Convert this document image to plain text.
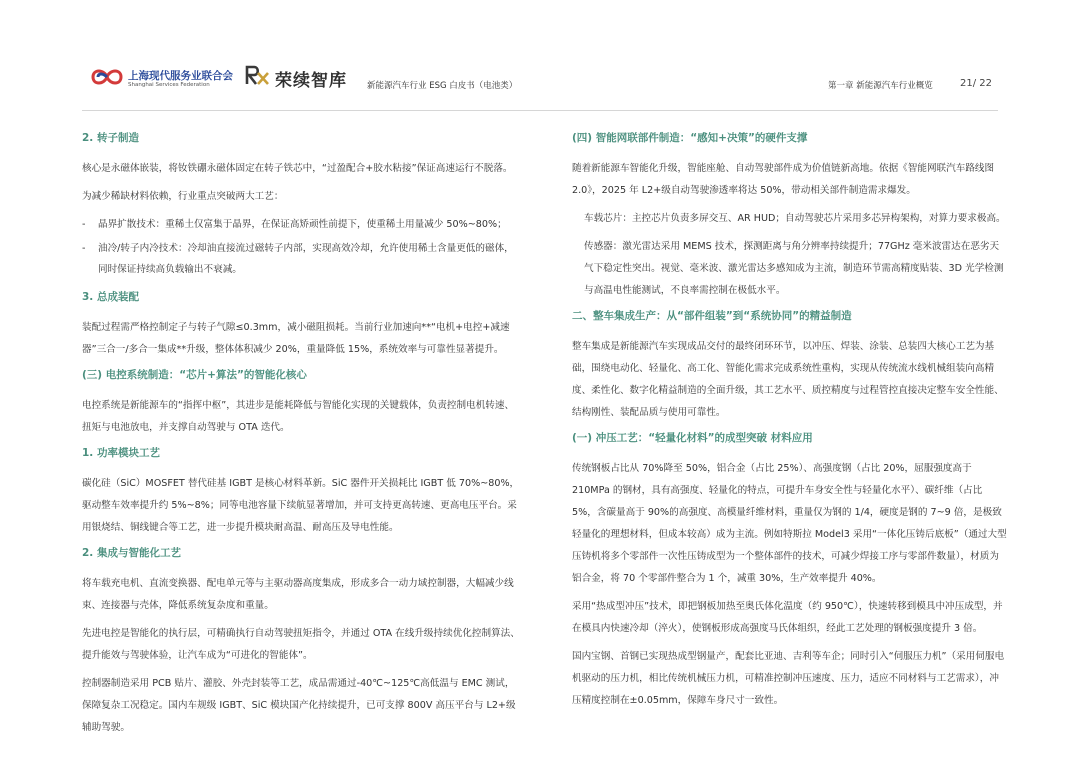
上海现代服务业联合会
Shanghai Services Federation	荣续智库 新能源汽车行业 ESG 白皮书（电池类）	第一章 新能源汽车行业概览	21/ 22
2. 转子制造
核心是永磁体嵌装，将钕铁硼永磁体固定在转子铁芯中，“过盈配合+胶水粘接”保证高速运行不脱落。
为减少稀缺材料依赖，行业重点突破两大工艺：
- 晶界扩散技术：重稀土仅富集于晶界，在保证高矫顽性前提下，使重稀土用量减少 50%~80%；
- 油冷/转子内冷技术：冷却油直接流过磁转子内部，实现高效冷却，允许使用稀土含量更低的磁体，同时保证持续高负载输出不衰减。
3. 总成装配
装配过程需严格控制定子与转子气隙≤0.3mm，减小磁阻损耗。当前行业加速向**“电机+电控+减速器”三合一/多合一集成**升级，整体体积减少 20%，重量降低 15%，系统效率与可靠性显著提升。
(三) 电控系统制造：“芯片+算法”的智能化核心
电控系统是新能源车的“指挥中枢”，其进步是能耗降低与智能化实现的关键载体，负责控制电机转速、扭矩与电池放电，并支撑自动驾驶与 OTA 迭代。
1. 功率模块工艺
碳化硅（SiC）MOSFET 替代硅基 IGBT 是核心材料革新。SiC 器件开关损耗比 IGBT 低 70%~80%，驱动整车效率提升约 5%~8%；同等电池容量下续航显著增加，并可支持更高转速、更高电压平台。采用银烧结、铜线键合等工艺，进一步提升模块耐高温、耐高压及导电性能。
2. 集成与智能化工艺
将车载充电机、直流变换器、配电单元等与主驱动器高度集成，形成多合一动力域控制器，大幅减少线束、连接器与壳体，降低系统复杂度和重量。
先进电控是智能化的执行层，可精确执行自动驾驶扭矩指令，并通过 OTA 在线升级持续优化控制算法、提升能效与驾驶体验，让汽车成为“可进化的智能体”。
控制器制造采用 PCB 贴片、灌胶、外壳封装等工艺，成品需通过-40℃~125℃高低温与 EMC 测试，保障复杂工况稳定。国内车规级 IGBT、SiC 模块国产化持续提升，已可支撑 800V 高压平台与 L2+级辅助驾驶。
(四) 智能网联部件制造：“感知+决策”的硬件支撑
随着新能源车智能化升级，智能座舱、自动驾驶部件成为价值链新高地。依据《智能网联汽车路线图 2.0》，2025 年 L2+级自动驾驶渗透率将达 50%，带动相关部件制造需求爆发。
车载芯片：主控芯片负责多屏交互、AR HUD；自动驾驶芯片采用多芯异构架构，对算力要求极高。
传感器：激光雷达采用 MEMS 技术，探测距离与角分辨率持续提升；77GHz 毫米波雷达在恶劣天气下稳定性突出。视觉、毫米波、激光雷达多感知成为主流，制造环节需高精度贴装、3D 光学检测与高温电性能测试，不良率需控制在极低水平。
二、整车集成生产：从“部件组装”到“系统协同”的精益制造
整车集成是新能源汽车实现成品交付的最终闭环环节，以冲压、焊装、涂装、总装四大核心工艺为基础，围绕电动化、轻量化、高工化、智能化需求完成系统性重构，实现从传统流水线机械组装向高精度、柔性化、数字化精益制造的全面升级，其工艺水平、质控精度与过程管控直接决定整车安全性能、结构刚性、装配品质与使用可靠性。
(一) 冲压工艺：“轻量化材料”的成型突破 材料应用
传统钢板占比从 70%降至 50%，铝合金（占比 25%）、高强度钢（占比 20%，屈服强度高于 210MPa 的钢材，具有高强度、轻量化的特点，可提升车身安全性与轻量化水平）、碳纤维（占比 5%，含碳量高于 90%的高强度、高模量纤维材料，重量仅为钢的 1/4，硬度是钢的 7~9 倍，是极致轻量化的理想材料，但成本较高）成为主流。例如特斯拉 Model3 采用“一体化压铸后底板”（通过大型压铸机将多个零部件一次性压铸成型为一个整体部件的技术，可减少焊接工序与零部件数量），材质为铝合金，将 70 个零部件整合为 1 个，减重 30%，生产效率提升 40%。
采用“热成型冲压”技术，即把钢板加热至奥氏体化温度（约 950℃），快速转移到模具中冲压成型，并在模具内快速冷却（淬火），使钢板形成高强度马氏体组织，经此工艺处理的钢板强度提升 3 倍。
国内宝钢、首钢已实现热成型钢量产，配套比亚迪、吉利等车企；同时引入“伺服压力机”（采用伺服电机驱动的压力机，相比传统机械压力机，可精准控制冲压速度、压力，适应不同材料与工艺需求），冲压精度控制在±0.05mm，保障车身尺寸一致性。
